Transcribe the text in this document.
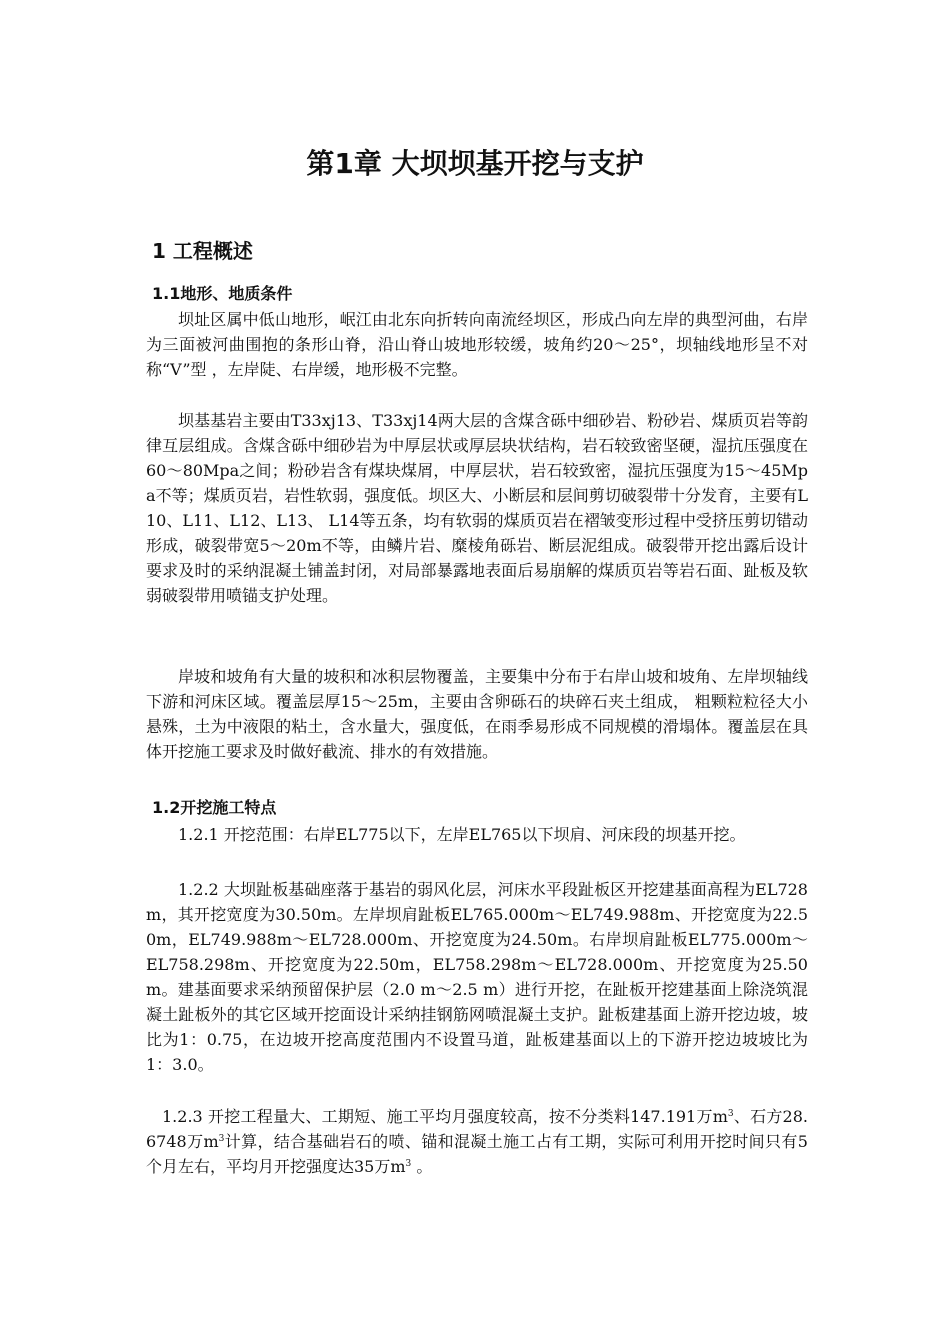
第1章 大坝坝基开挖与支护
1 工程概述
1.1地形、地质条件

坝址区属中低山地形，岷江由北东向折转向南流经坝区，形成凸向左岸的典型河曲，右岸为三面被河曲围抱的条形山脊，沿山脊山坡地形较缓，坡角约20～25°，坝轴线地形呈不对称“V”型 ，左岸陡、右岸缓，地形极不完整。

坝基基岩主要由T33xj13、T33xj14两大层的含煤含砾中细砂岩、粉砂岩、煤质页岩等韵律互层组成。含煤含砾中细砂岩为中厚层状或厚层块状结构，岩石较致密坚硬，湿抗压强度在60～80Mpa之间；粉砂岩含有煤块煤屑，中厚层状，岩石较致密，湿抗压强度为15～45Mpa不等；煤质页岩，岩性软弱，强度低。坝区大、小断层和层间剪切破裂带十分发育，主要有L10、L11、L12、L13、 L14等五条，均有软弱的煤质页岩在褶皱变形过程中受挤压剪切错动形成，破裂带宽5～20m不等，由鳞片岩、糜棱角砾岩、断层泥组成。破裂带开挖出露后设计要求及时的采纳混凝土铺盖封闭，对局部暴露地表面后易崩解的煤质页岩等岩石面、趾板及软弱破裂带用喷锚支护处理。

岸坡和坡角有大量的坡积和冰积层物覆盖，主要集中分布于右岸山坡和坡角、左岸坝轴线下游和河床区域。覆盖层厚15～25m，主要由含卵砾石的块碎石夹土组成， 粗颗粒粒径大小悬殊，土为中液限的粘土，含水量大，强度低，在雨季易形成不同规模的滑塌体。覆盖层在具体开挖施工要求及时做好截流、排水的有效措施。

1.2开挖施工特点

1.2.1 开挖范围：右岸EL775以下，左岸EL765以下坝肩、河床段的坝基开挖。

1.2.2 大坝趾板基础座落于基岩的弱风化层，河床水平段趾板区开挖建基面高程为EL728m，其开挖宽度为30.50m。左岸坝肩趾板EL765.000m～EL749.988m、开挖宽度为22.50m，EL749.988m～EL728.000m、开挖宽度为24.50m。右岸坝肩趾板EL775.000m～EL758.298m、开挖宽度为22.50m，EL758.298m～EL728.000m、开挖宽度为25.50m。建基面要求采纳预留保护层（2.0 m～2.5 m）进行开挖，在趾板开挖建基面上除浇筑混凝土趾板外的其它区域开挖面设计采纳挂钢筋网喷混凝土支护。趾板建基面上游开挖边坡，坡比为1：0.75，在边坡开挖高度范围内不设置马道，趾板建基面以上的下游开挖边坡坡比为1：3.0。

1.2.3 开挖工程量大、工期短、施工平均月强度较高，按不分类料147.191万$m^3$、石方28.6748万$m^3$计算，结合基础岩石的喷、锚和混凝土施工占有工期，实际可利用开挖时间只有5个月左右，平均月开挖强度达35万$m^3$ 。
